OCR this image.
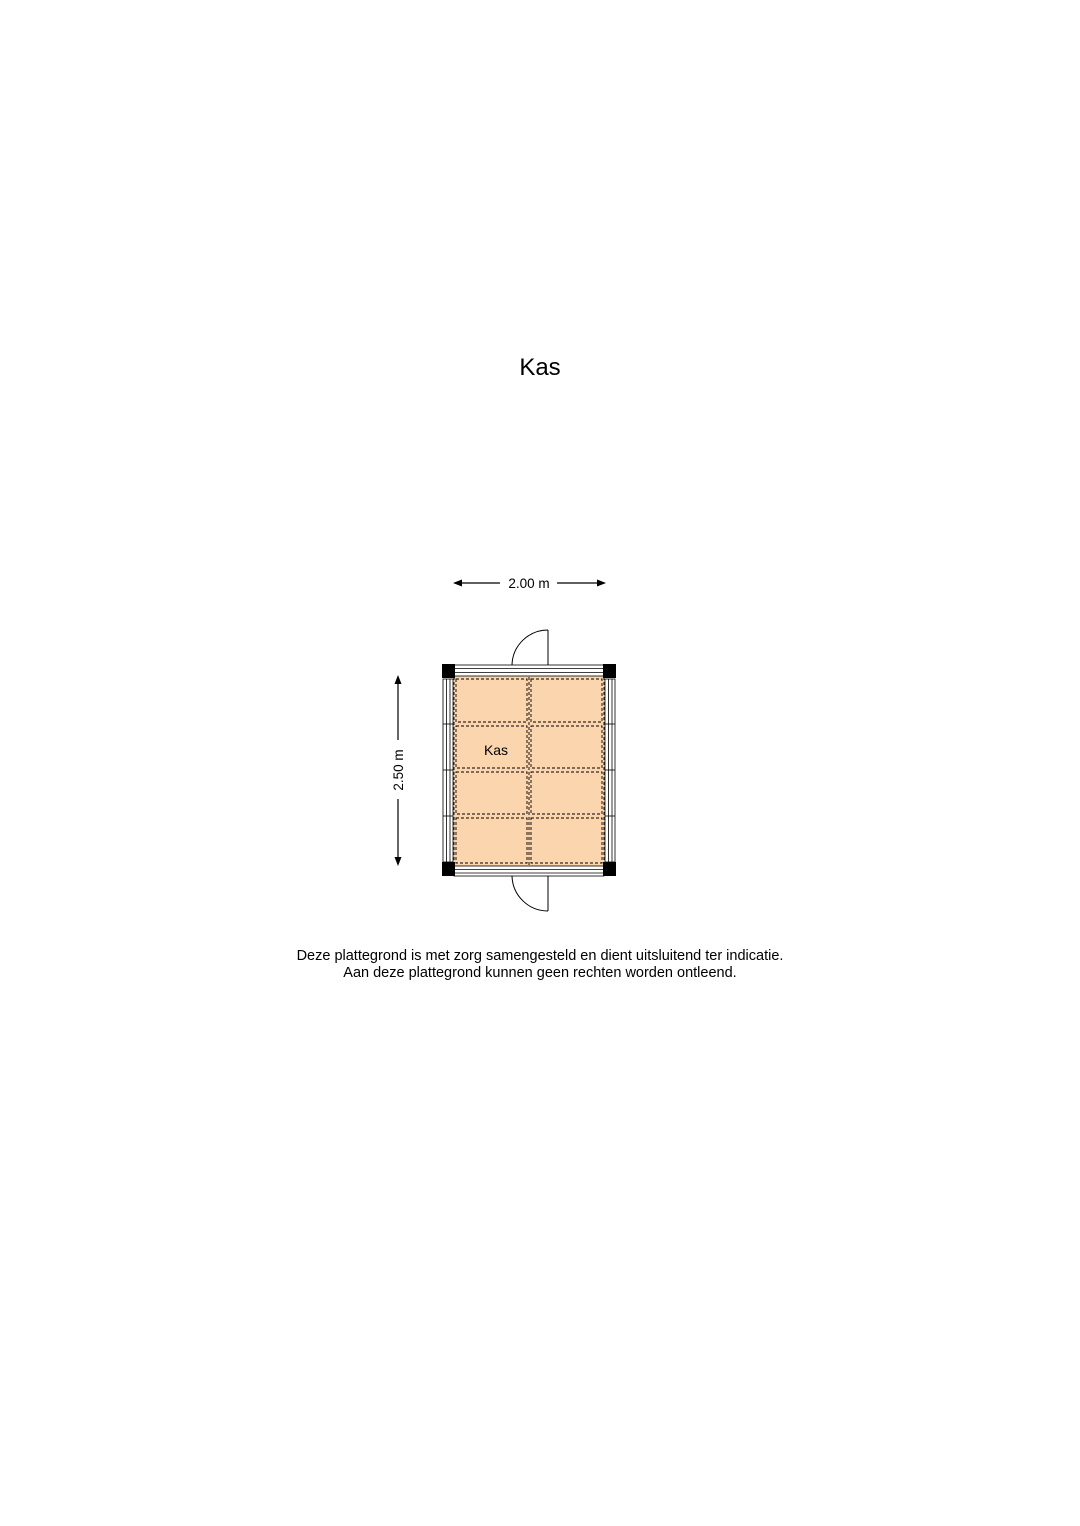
Kas
2.00 m
2.50 m	Kas
Deze plattegrond is met zorg samengesteld en dient uitsluitend ter indicatie.
Aan deze plattegrond kunnen geen rechten worden ontleend.
